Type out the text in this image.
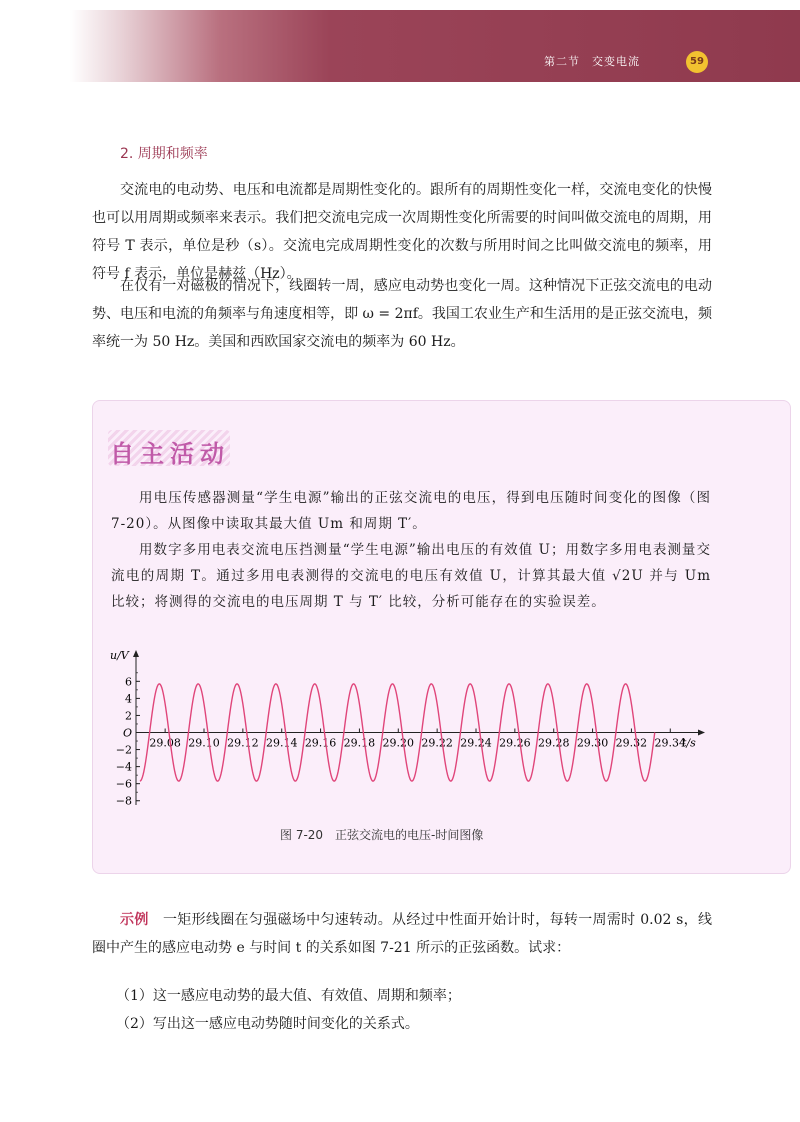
第二节　交变电流	59
2. 周期和频率

交流电的电动势、电压和电流都是周期性变化的。跟所有的周期性变化一样，交流电变化的快慢也可以用周期或频率来表示。我们把交流电完成一次周期性变化所需要的时间叫做交流电的周期，用符号 T 表示，单位是秒（s）。交流电完成周期性变化的次数与所用时间之比叫做交流电的频率，用符号 f 表示，单位是赫兹（Hz）。

在仅有一对磁极的情况下，线圈转一周，感应电动势也变化一周。这种情况下正弦交流电的电动势、电压和电流的角频率与角速度相等，即 ω = 2πf。我国工农业生产和生活用的是正弦交流电，频率统一为 50 Hz。美国和西欧国家交流电的频率为 60 Hz。

自主活动

用电压传感器测量“学生电源”输出的正弦交流电的电压，得到电压随时间变化的图像（图 7-20）。从图像中读取其最大值 Um 和周期 T′。

用数字多用电表交流电压挡测量“学生电源”输出电压的有效值 U；用数字多用电表测量交流电的周期 T。通过多用电表测得的交流电的电压有效值 U，计算其最大值 √2U 并与 Um 比较；将测得的交流电的电压周期 T 与 T′ 比较，分析可能存在的实验误差。

u/V
t/s
O
6
4
2
−2
−4
−6
−8
29.08 29.10 29.12 29.14 29.16 29.18 29.20 29.22 29.24 29.26 29.28 29.30 29.32 29.34
图 7-20　正弦交流电的电压-时间图像

示例　 一矩形线圈在匀强磁场中匀速转动。从经过中性面开始计时，每转一周需时 0.02 s，线圈中产生的感应电动势 e 与时间 t 的关系如图 7-21 所示的正弦函数。试求：

（1）这一感应电动势的最大值、有效值、周期和频率；
（2）写出这一感应电动势随时间变化的关系式。
